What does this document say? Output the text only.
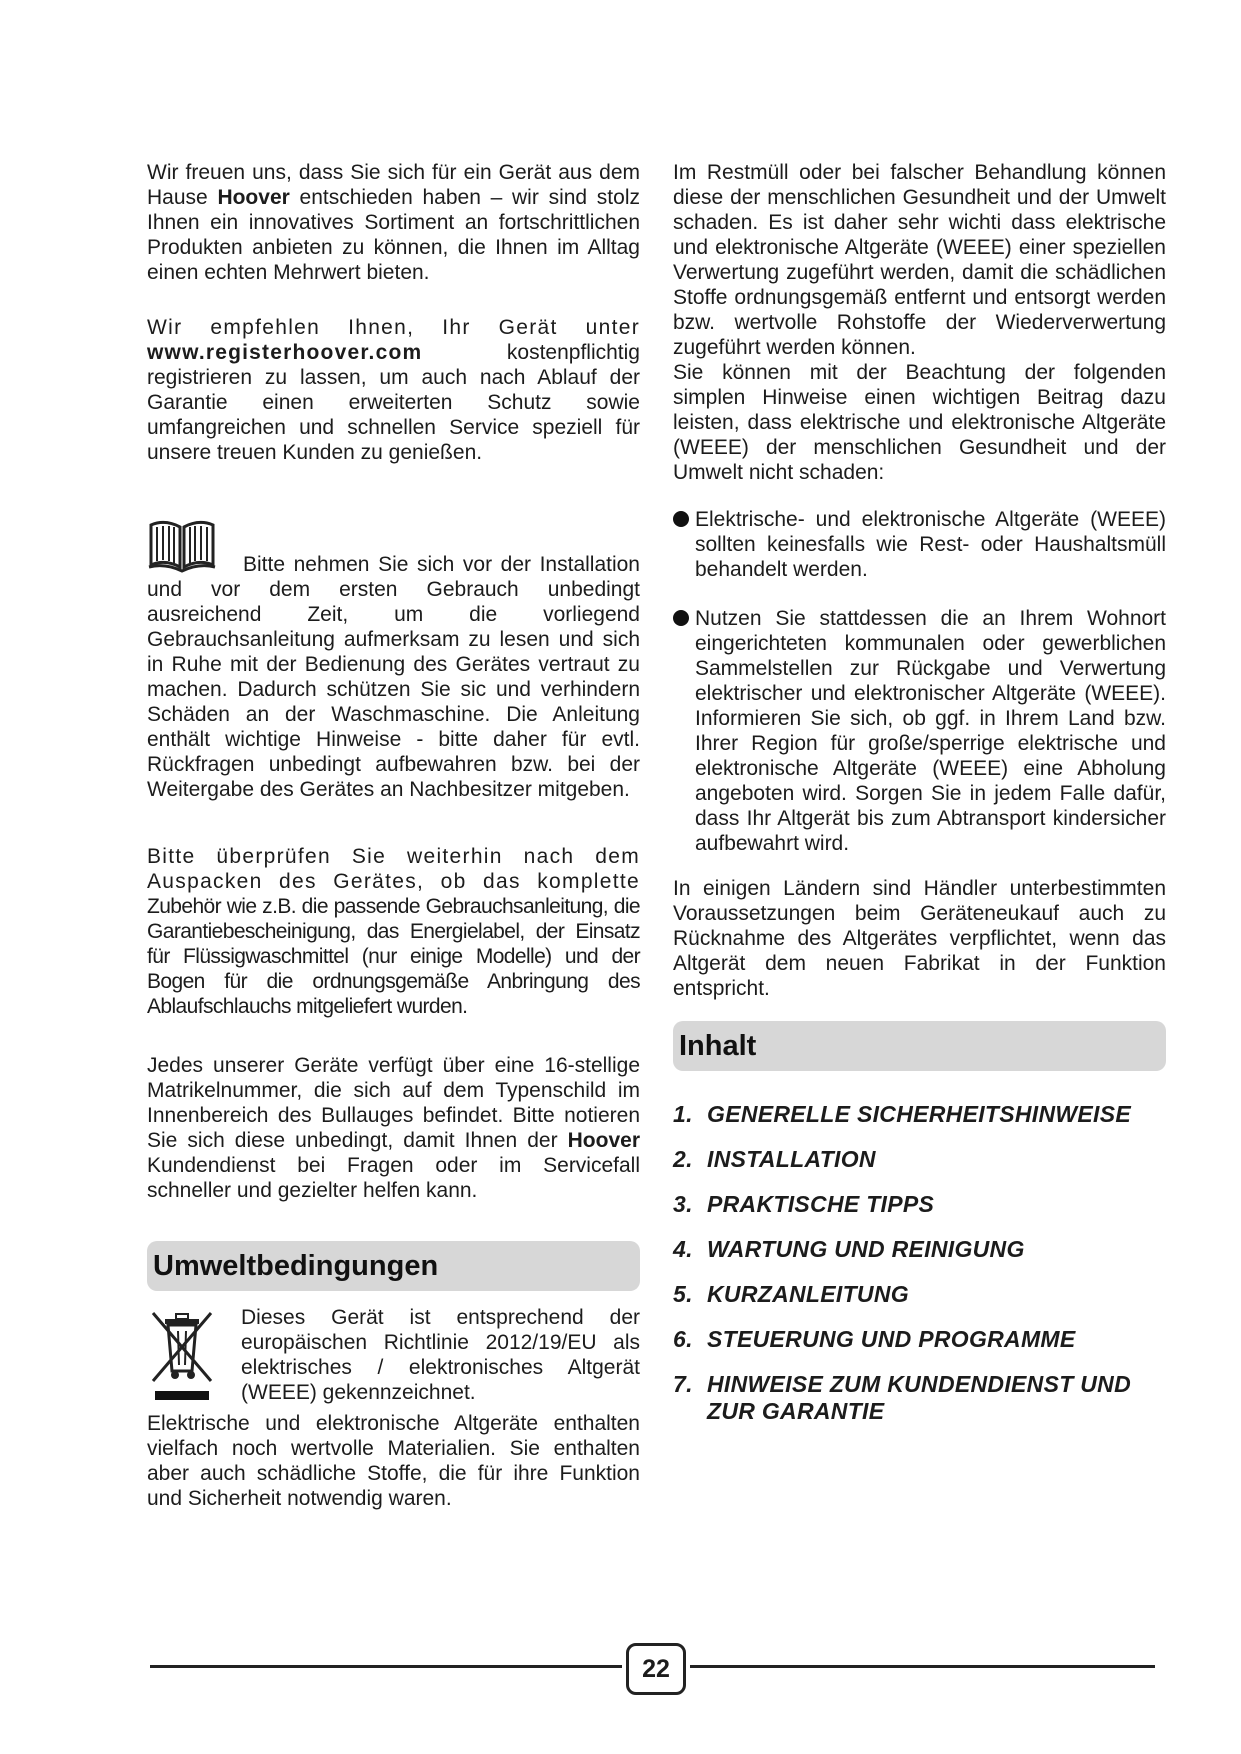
Wir freuen uns, dass Sie sich für ein Gerät aus dem Hause Hoover entschieden haben – wir sind stolz Ihnen ein innovatives Sortiment an fortschrittlichen Produkten anbieten zu können, die Ihnen im Alltag einen echten Mehrwert bieten.

Wir empfehlen Ihnen, Ihr Gerät unter www.registerhoover.com kostenpflichtig registrieren zu lassen, um auch nach Ablauf der Garantie einen erweiterten Schutz sowie umfangreichen und schnellen Service speziell für unsere treuen Kunden zu genießen.

Bitte nehmen Sie sich vor der Installation und vor dem ersten Gebrauch unbedingt ausreichend Zeit, um die vorliegend Gebrauchsanleitung aufmerksam zu lesen und sich in Ruhe mit der Bedienung des Gerätes vertraut zu machen. Dadurch schützen Sie sic und verhindern Schäden an der Waschmaschine. Die Anleitung enthält wichtige Hinweise - bitte daher für evtl. Rückfragen unbedingt aufbewahren bzw. bei der Weitergabe des Gerätes an Nachbesitzer mitgeben.

Bitte überprüfen Sie weiterhin nach dem Auspacken des Gerätes, ob das komplette Zubehör wie z.B. die passende Gebrauchsanleitung, die Garantiebescheinigung, das Energielabel, der Einsatz für Flüssigwaschmittel (nur einige Modelle) und der Bogen für die ordnungsgemäße Anbringung des Ablaufschlauchs mitgeliefert wurden.

Jedes unserer Geräte verfügt über eine 16-stellige Matrikelnummer, die sich auf dem Typenschild im Innenbereich des Bullauges befindet. Bitte notieren Sie sich diese unbedingt, damit Ihnen der Hoover Kundendienst bei Fragen oder im Servicefall schneller und gezielter helfen kann.

Umweltbedingungen

Dieses Gerät ist entsprechend der europäischen Richtlinie 2012/19/EU als elektrisches / elektronisches Altgerät (WEEE) gekennzeichnet.

Elektrische und elektronische Altgeräte enthalten vielfach noch wertvolle Materialien. Sie enthalten aber auch schädliche Stoffe, die für ihre Funktion und Sicherheit notwendig waren.

Im Restmüll oder bei falscher Behandlung können diese der menschlichen Gesundheit und der Umwelt schaden. Es ist daher sehr wichti dass elektrische und elektronische Altgeräte (WEEE) einer speziellen Verwertung zugeführt werden, damit die schädlichen Stoffe ordnungsgemäß entfernt und entsorgt werden bzw. wertvolle Rohstoffe der Wiederverwertung zugeführt werden können.

Sie können mit der Beachtung der folgenden simplen Hinweise einen wichtigen Beitrag dazu leisten, dass elektrische und elektronische Altgeräte (WEEE) der menschlichen Gesundheit und der Umwelt nicht schaden:

Elektrische- und elektronische Altgeräte (WEEE) sollten keinesfalls wie Rest- oder Haushaltsmüll behandelt werden.

Nutzen Sie stattdessen die an Ihrem Wohnort eingerichteten kommunalen oder gewerblichen Sammelstellen zur Rückgabe und Verwertung elektrischer und elektronischer Altgeräte (WEEE). Informieren Sie sich, ob ggf. in Ihrem Land bzw. Ihrer Region für große/sperrige elektrische und elektronische Altgeräte (WEEE) eine Abholung angeboten wird. Sorgen Sie in jedem Falle dafür, dass Ihr Altgerät bis zum Abtransport kindersicher aufbewahrt wird.

In einigen Ländern sind Händler unterbestimmten Voraussetzungen beim Geräteneukauf auch zu Rücknahme des Altgerätes verpflichtet, wenn das Altgerät dem neuen Fabrikat in der Funktion entspricht.

Inhalt
1. GENERELLE SICHERHEITSHINWEISE
2. INSTALLATION
3. PRAKTISCHE TIPPS
4. WARTUNG UND REINIGUNG
5. KURZANLEITUNG
6. STEUERUNG UND PROGRAMME
7. HINWEISE ZUM KUNDENDIENST UND ZUR GARANTIE
22
